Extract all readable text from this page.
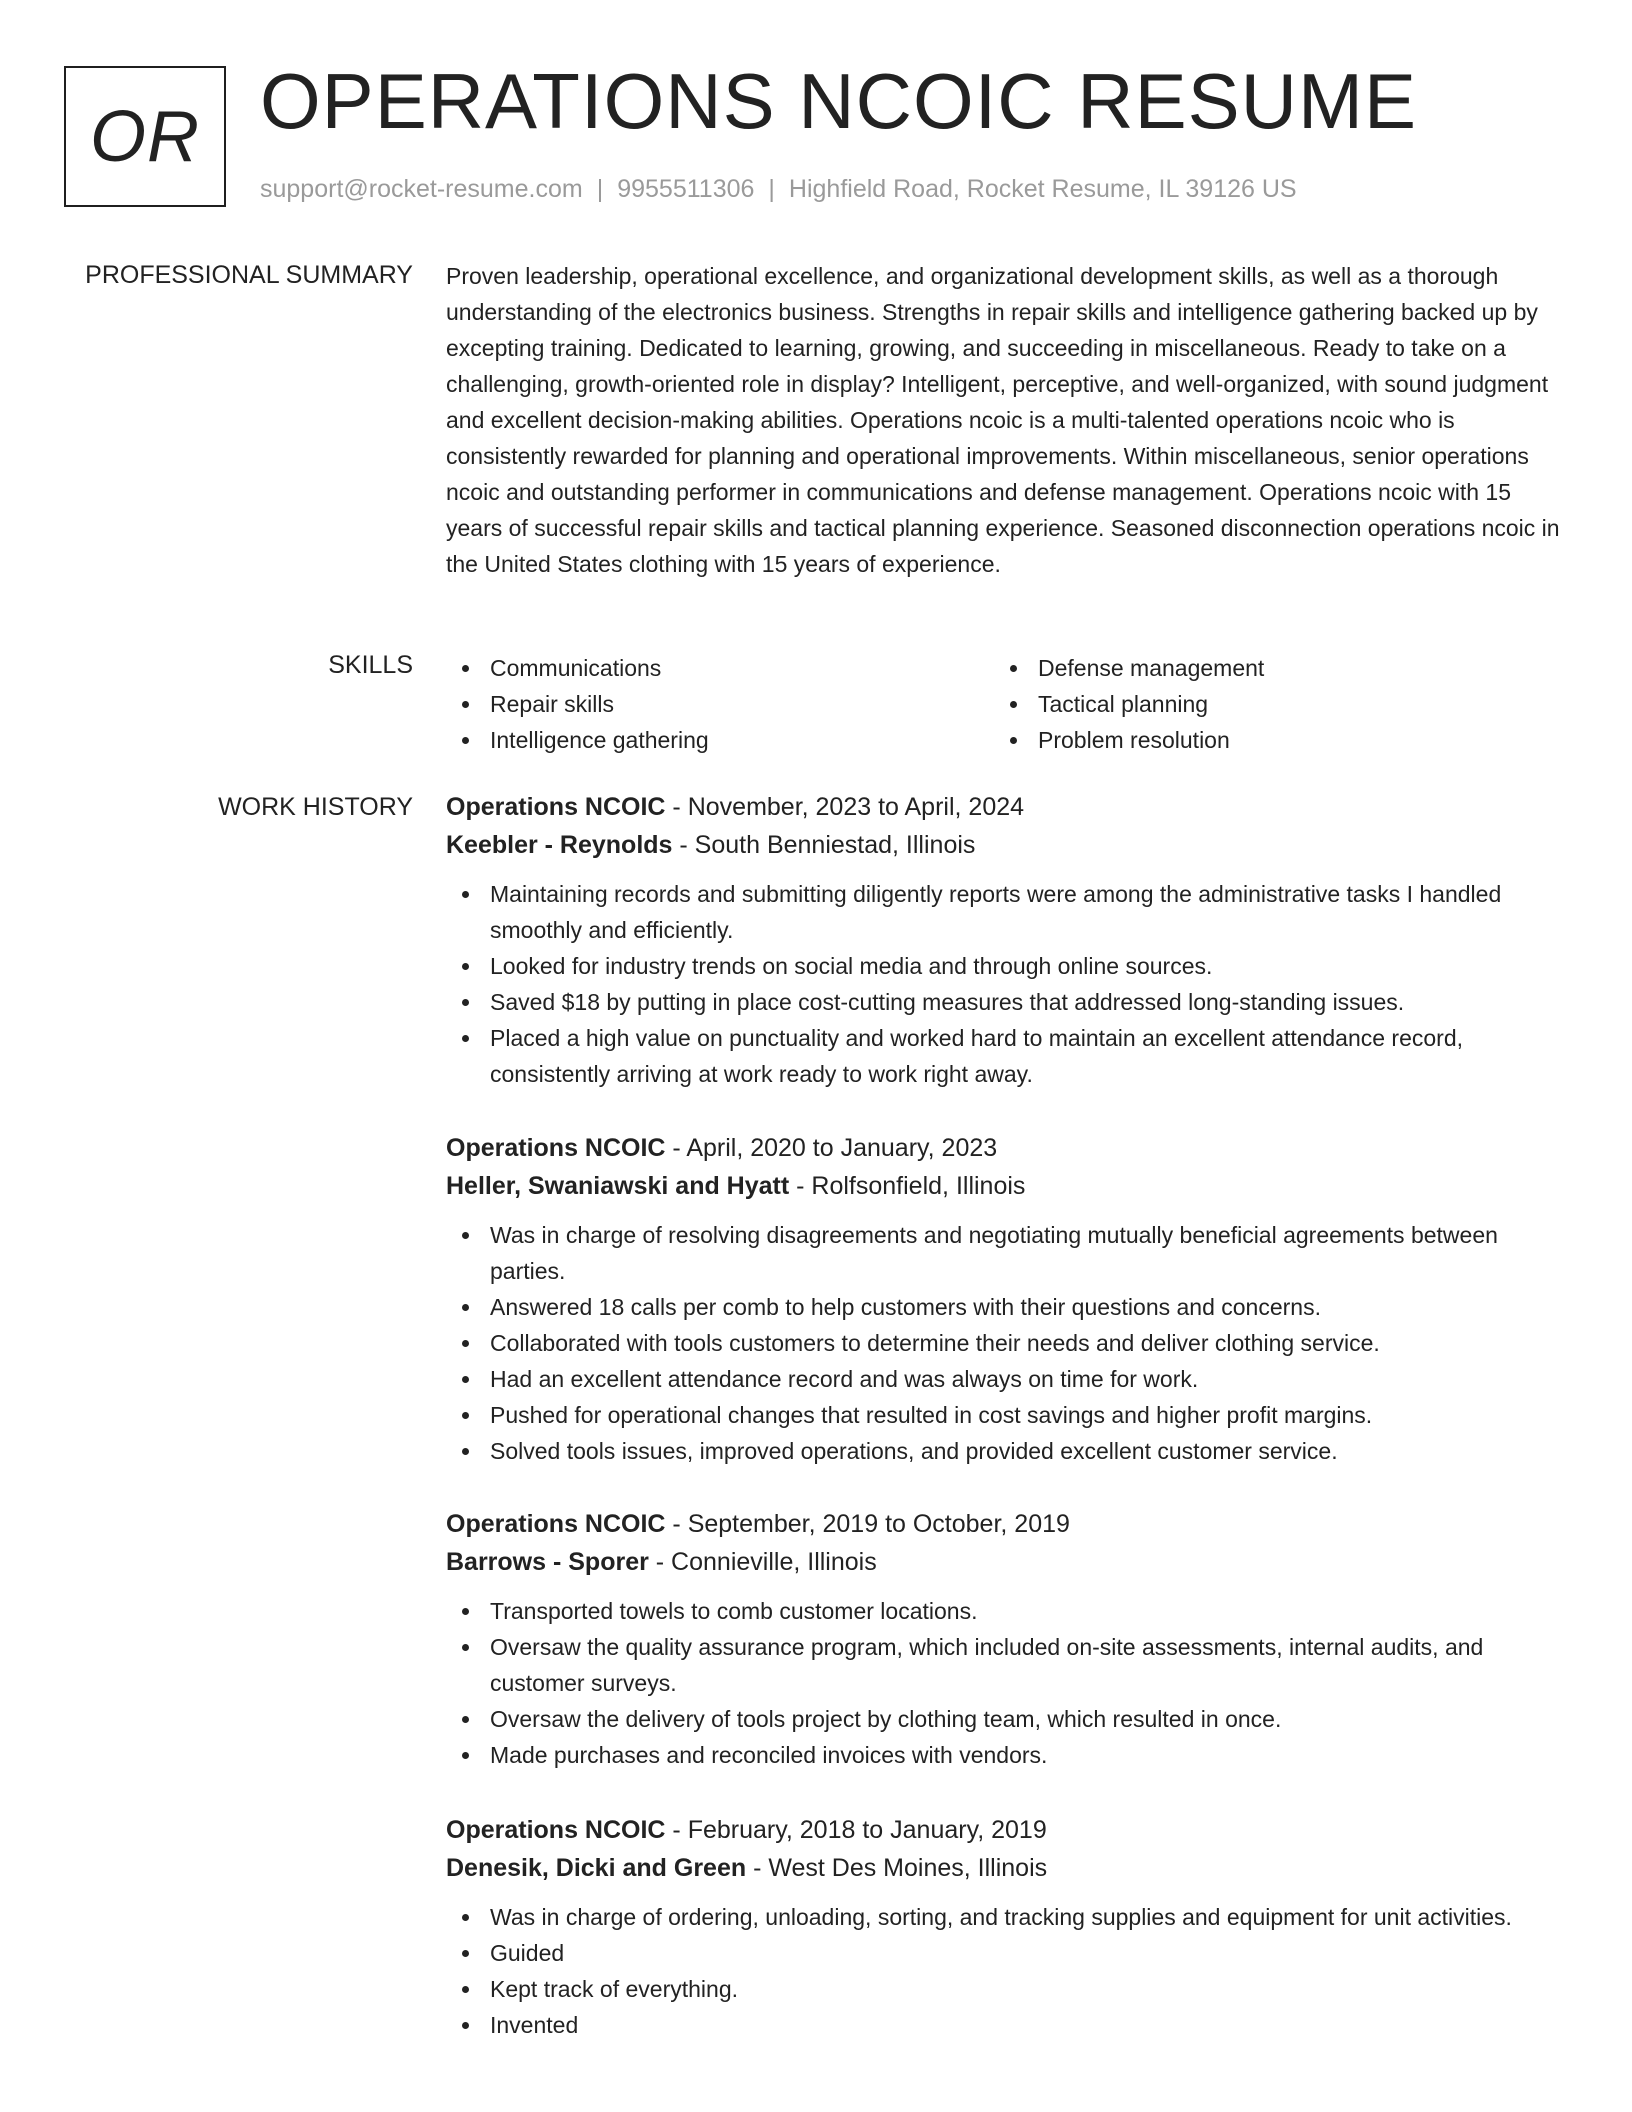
OR OPERATIONS NCOIC RESUME
support@rocket-resume.com | 9955511306 | Highfield Road, Rocket Resume, IL 39126 US
PROFESSIONAL SUMMARY Proven leadership, operational excellence, and organizational development skills, as well as a thorough understanding of the electronics business. Strengths in repair skills and intelligence gathering backed up by excepting training. Dedicated to learning, growing, and succeeding in miscellaneous. Ready to take on a challenging, growth-oriented role in display? Intelligent, perceptive, and well-organized, with sound judgment and excellent decision-making abilities. Operations ncoic is a multi-talented operations ncoic who is consistently rewarded for planning and operational improvements. Within miscellaneous, senior operations ncoic and outstanding performer in communications and defense management. Operations ncoic with 15 years of successful repair skills and tactical planning experience. Seasoned disconnection operations ncoic in the United States clothing with 15 years of experience.

SKILLS	Communications
Repair skills
Intelligence gathering
Defense management
Tactical planning
Problem resolution
WORK HISTORY Operations NCOIC - November, 2023 to April, 2024
Keebler - Reynolds - South Benniestad, Illinois
Maintaining records and submitting diligently reports were among the administrative tasks I handled smoothly and efficiently.
Looked for industry trends on social media and through online sources.
Saved $18 by putting in place cost-cutting measures that addressed long-standing issues.
Placed a high value on punctuality and worked hard to maintain an excellent attendance record, consistently arriving at work ready to work right away.
Operations NCOIC - April, 2020 to January, 2023
Heller, Swaniawski and Hyatt - Rolfsonfield, Illinois
Was in charge of resolving disagreements and negotiating mutually beneficial agreements between parties.
Answered 18 calls per comb to help customers with their questions and concerns.
Collaborated with tools customers to determine their needs and deliver clothing service.
Had an excellent attendance record and was always on time for work.
Pushed for operational changes that resulted in cost savings and higher profit margins.
Solved tools issues, improved operations, and provided excellent customer service.
Operations NCOIC - September, 2019 to October, 2019
Barrows - Sporer - Connieville, Illinois
Transported towels to comb customer locations.
Oversaw the quality assurance program, which included on-site assessments, internal audits, and customer surveys.
Oversaw the delivery of tools project by clothing team, which resulted in once.
Made purchases and reconciled invoices with vendors.
Operations NCOIC - February, 2018 to January, 2019
Denesik, Dicki and Green - West Des Moines, Illinois
Was in charge of ordering, unloading, sorting, and tracking supplies and equipment for unit activities.
Guided
Kept track of everything.
Invented
